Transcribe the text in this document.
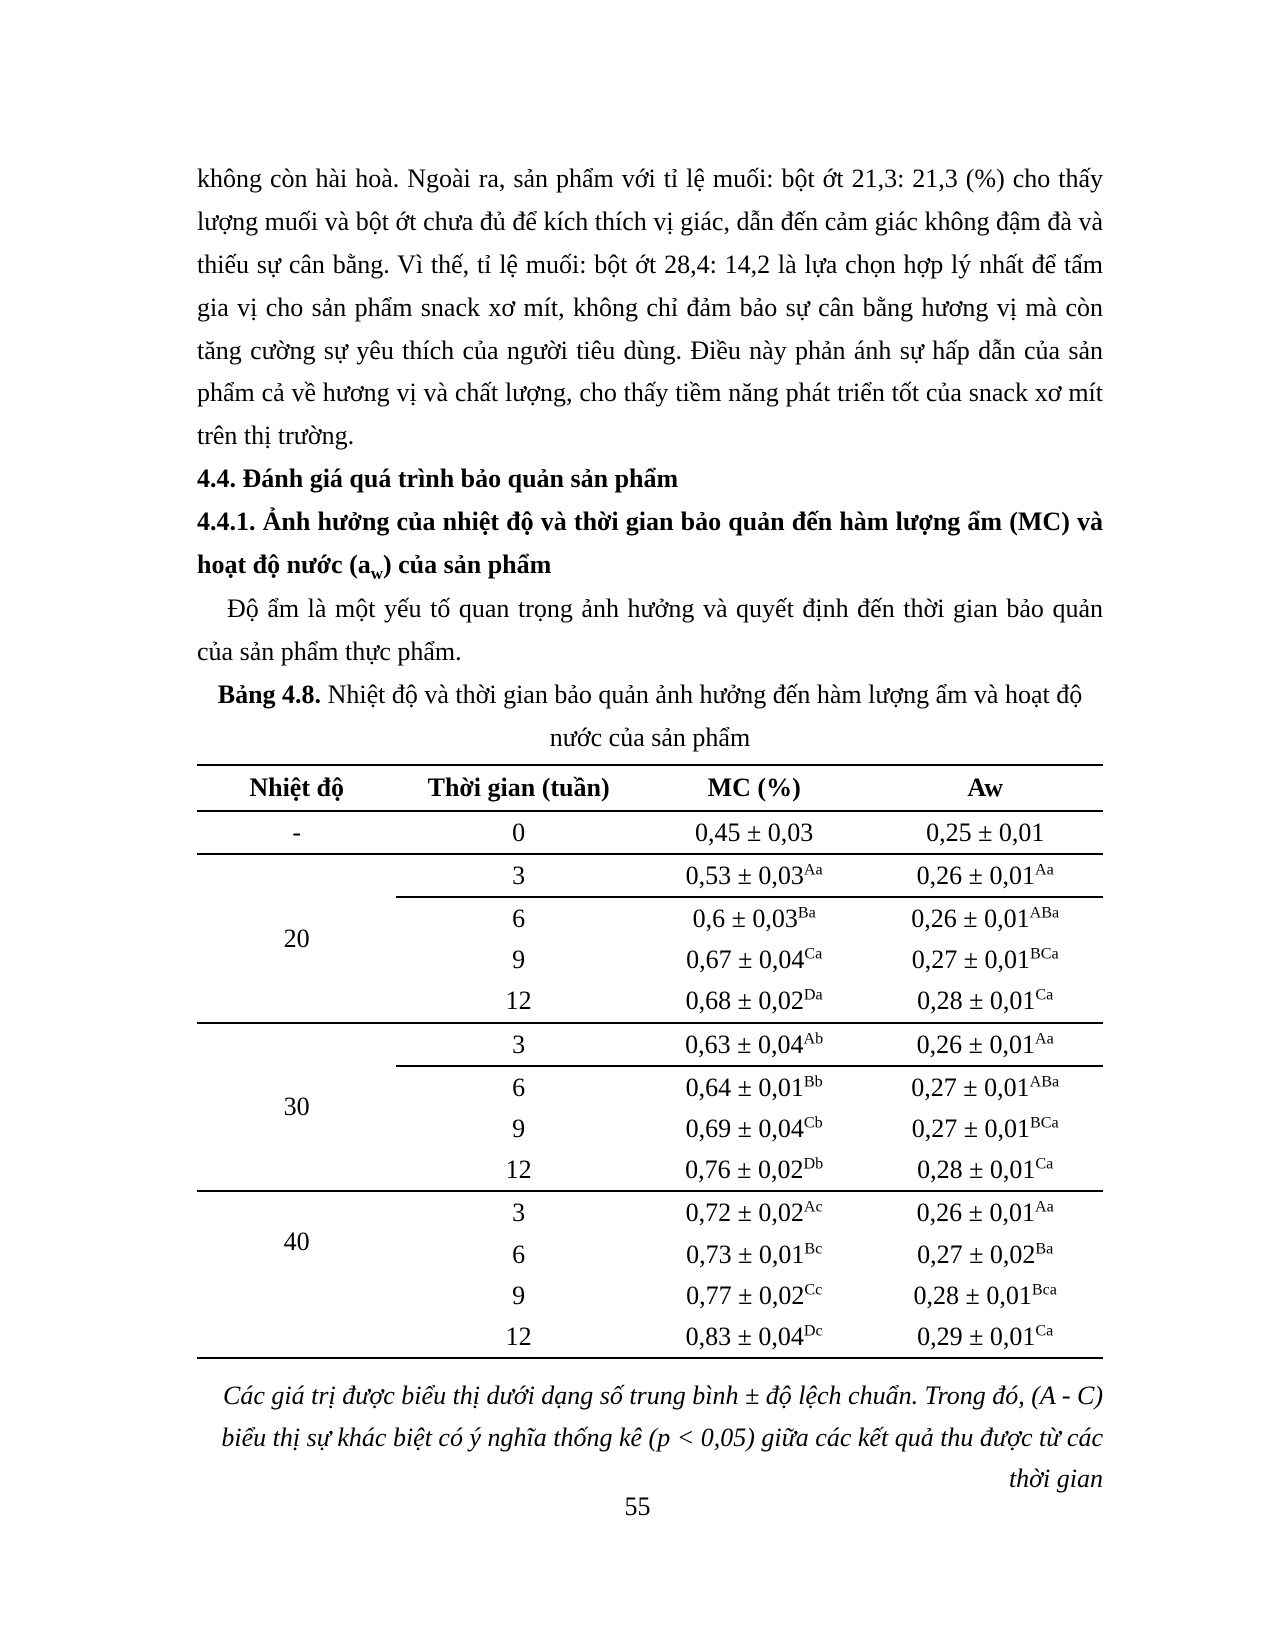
không còn hài hoà. Ngoài ra, sản phẩm với tỉ lệ muối: bột ớt 21,3: 21,3 (%) cho thấy lượng muối và bột ớt chưa đủ để kích thích vị giác, dẫn đến cảm giác không đậm đà và thiếu sự cân bằng. Vì thế, tỉ lệ muối: bột ớt 28,4: 14,2 là lựa chọn hợp lý nhất để tẩm gia vị cho sản phẩm snack xơ mít, không chỉ đảm bảo sự cân bằng hương vị mà còn tăng cường sự yêu thích của người tiêu dùng. Điều này phản ánh sự hấp dẫn của sản phẩm cả về hương vị và chất lượng, cho thấy tiềm năng phát triển tốt của snack xơ mít trên thị trường.

4.4. Đánh giá quá trình bảo quản sản phẩm

4.4.1. Ảnh hưởng của nhiệt độ và thời gian bảo quản đến hàm lượng ẩm (MC) và hoạt độ nước $(a_w)$ của sản phẩm

Độ ẩm là một yếu tố quan trọng ảnh hưởng và quyết định đến thời gian bảo quản của sản phẩm thực phẩm.

Bảng 4.8. Nhiệt độ và thời gian bảo quản ảnh hưởng đến hàm lượng ẩm và hoạt độ nước của sản phẩm

Nhiệt độ	Thời gian (tuần)	MC (%)	Aw
-	0	0,45 ± 0,03	0,25 ± 0,01
20	3	$0,53 \pm 0,03^{Aa}$	$0,26 \pm 0,01^{Aa}$
	6	$0,6 \pm 0,03^{Ba}$	$0,26 \pm 0,01^{ABa}$
	9	$0,67 \pm 0,04^{Ca}$	$0,27 \pm 0,01^{BCa}$
	12	$0,68 \pm 0,02^{Da}$	$0,28 \pm 0,01^{Ca}$
30	3	$0,63 \pm 0,04^{Ab}$	$0,26 \pm 0,01^{Aa}$
	6	$0,64 \pm 0,01^{Bb}$	$0,27 \pm 0,01^{ABa}$
	9	$0,69 \pm 0,04^{Cb}$	$0,27 \pm 0,01^{BCa}$
	12	$0,76 \pm 0,02^{Db}$	$0,28 \pm 0,01^{Ca}$
40	3	$0,72 \pm 0,02^{Ac}$	$0,26 \pm 0,01^{Aa}$
	6	$0,73 \pm 0,01^{Bc}$	$0,27 \pm 0,02^{Ba}$
	9	$0,77 \pm 0,02^{Cc}$	$0,28 \pm 0,01^{Bca}$
	12	$0,83 \pm 0,04^{Dc}$	$0,29 \pm 0,01^{Ca}$

Các giá trị được biểu thị dưới dạng số trung bình ± độ lệch chuẩn. Trong đó, (A - C) biểu thị sự khác biệt có ý nghĩa thống kê (p < 0,05) giữa các kết quả thu được từ các thời gian

55
